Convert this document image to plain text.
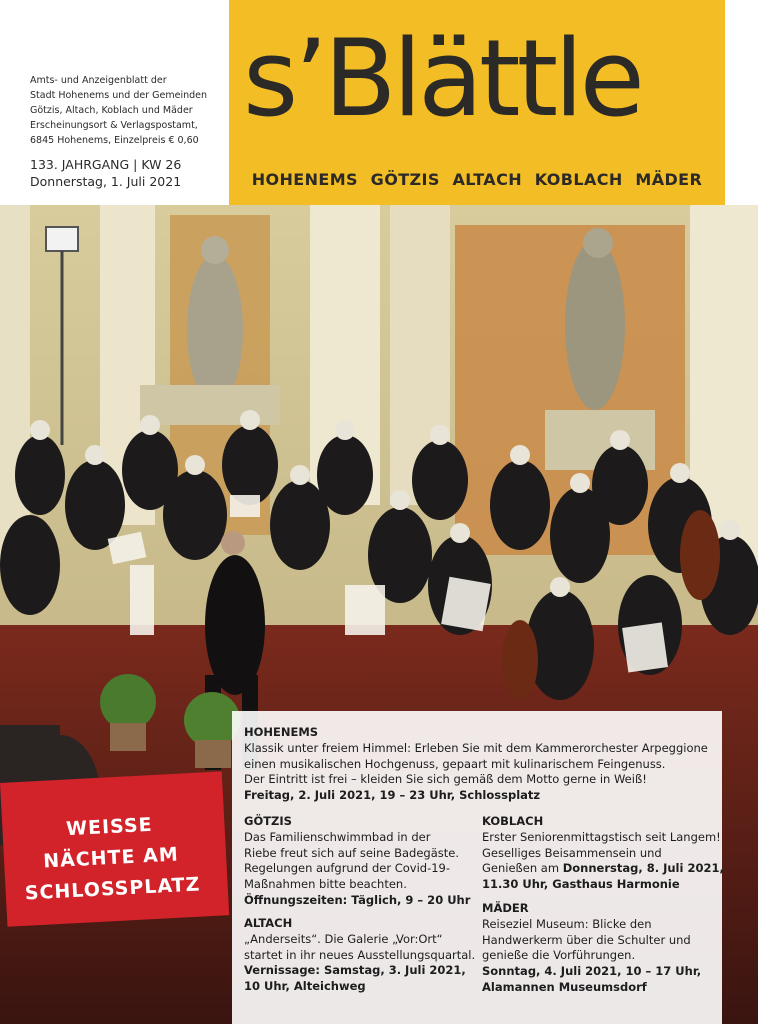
Amts- und Anzeigenblatt der
Stadt Hohenems und der Gemeinden
Götzis, Altach, Koblach und Mäder
Erscheinungsort & Verlagspostamt,
6845 Hohenems, Einzelpreis € 0,60
133. JAHRGANG | KW 26
Donnerstag, 1. Juli 2021
s’Blättle
HOHENEMS GÖTZIS ALTACH KOBLACH MÄDER
HOHENEMS
Klassik unter freiem Himmel: Erleben Sie mit dem Kammerorchester Arpeggione
einen musikalischen Hochgenuss, gepaart mit kulinarischem Feingenuss.
Der Eintritt ist frei – kleiden Sie sich gemäß dem Motto gerne in Weiß!
Freitag, 2. Juli 2021, 19 – 23 Uhr, Schlossplatz
GÖTZIS
Das Familienschwimmbad in der
Riebe freut sich auf seine Badegäste.
Regelungen aufgrund der Covid-19-
Maßnahmen bitte beachten.
Öffnungszeiten: Täglich, 9 – 20 Uhr
ALTACH
„Anderseits“. Die Galerie „Vor:Ort“
startet in ihr neues Ausstellungsquartal.
Vernissage: Samstag, 3. Juli 2021,
10 Uhr, Alteichweg
KOBLACH
Erster Seniorenmittagstisch seit Langem!
Geselliges Beisammensein und
Genießen am Donnerstag, 8. Juli 2021,
11.30 Uhr, Gasthaus Harmonie
MÄDER
Reiseziel Museum: Blicke den
Handwerkerm über die Schulter und
genieße die Vorführungen.
Sonntag, 4. Juli 2021, 10 – 17 Uhr,
Alamannen Museumsdorf
WEISSE
NÄCHTE AM
SCHLOSSPLATZ
